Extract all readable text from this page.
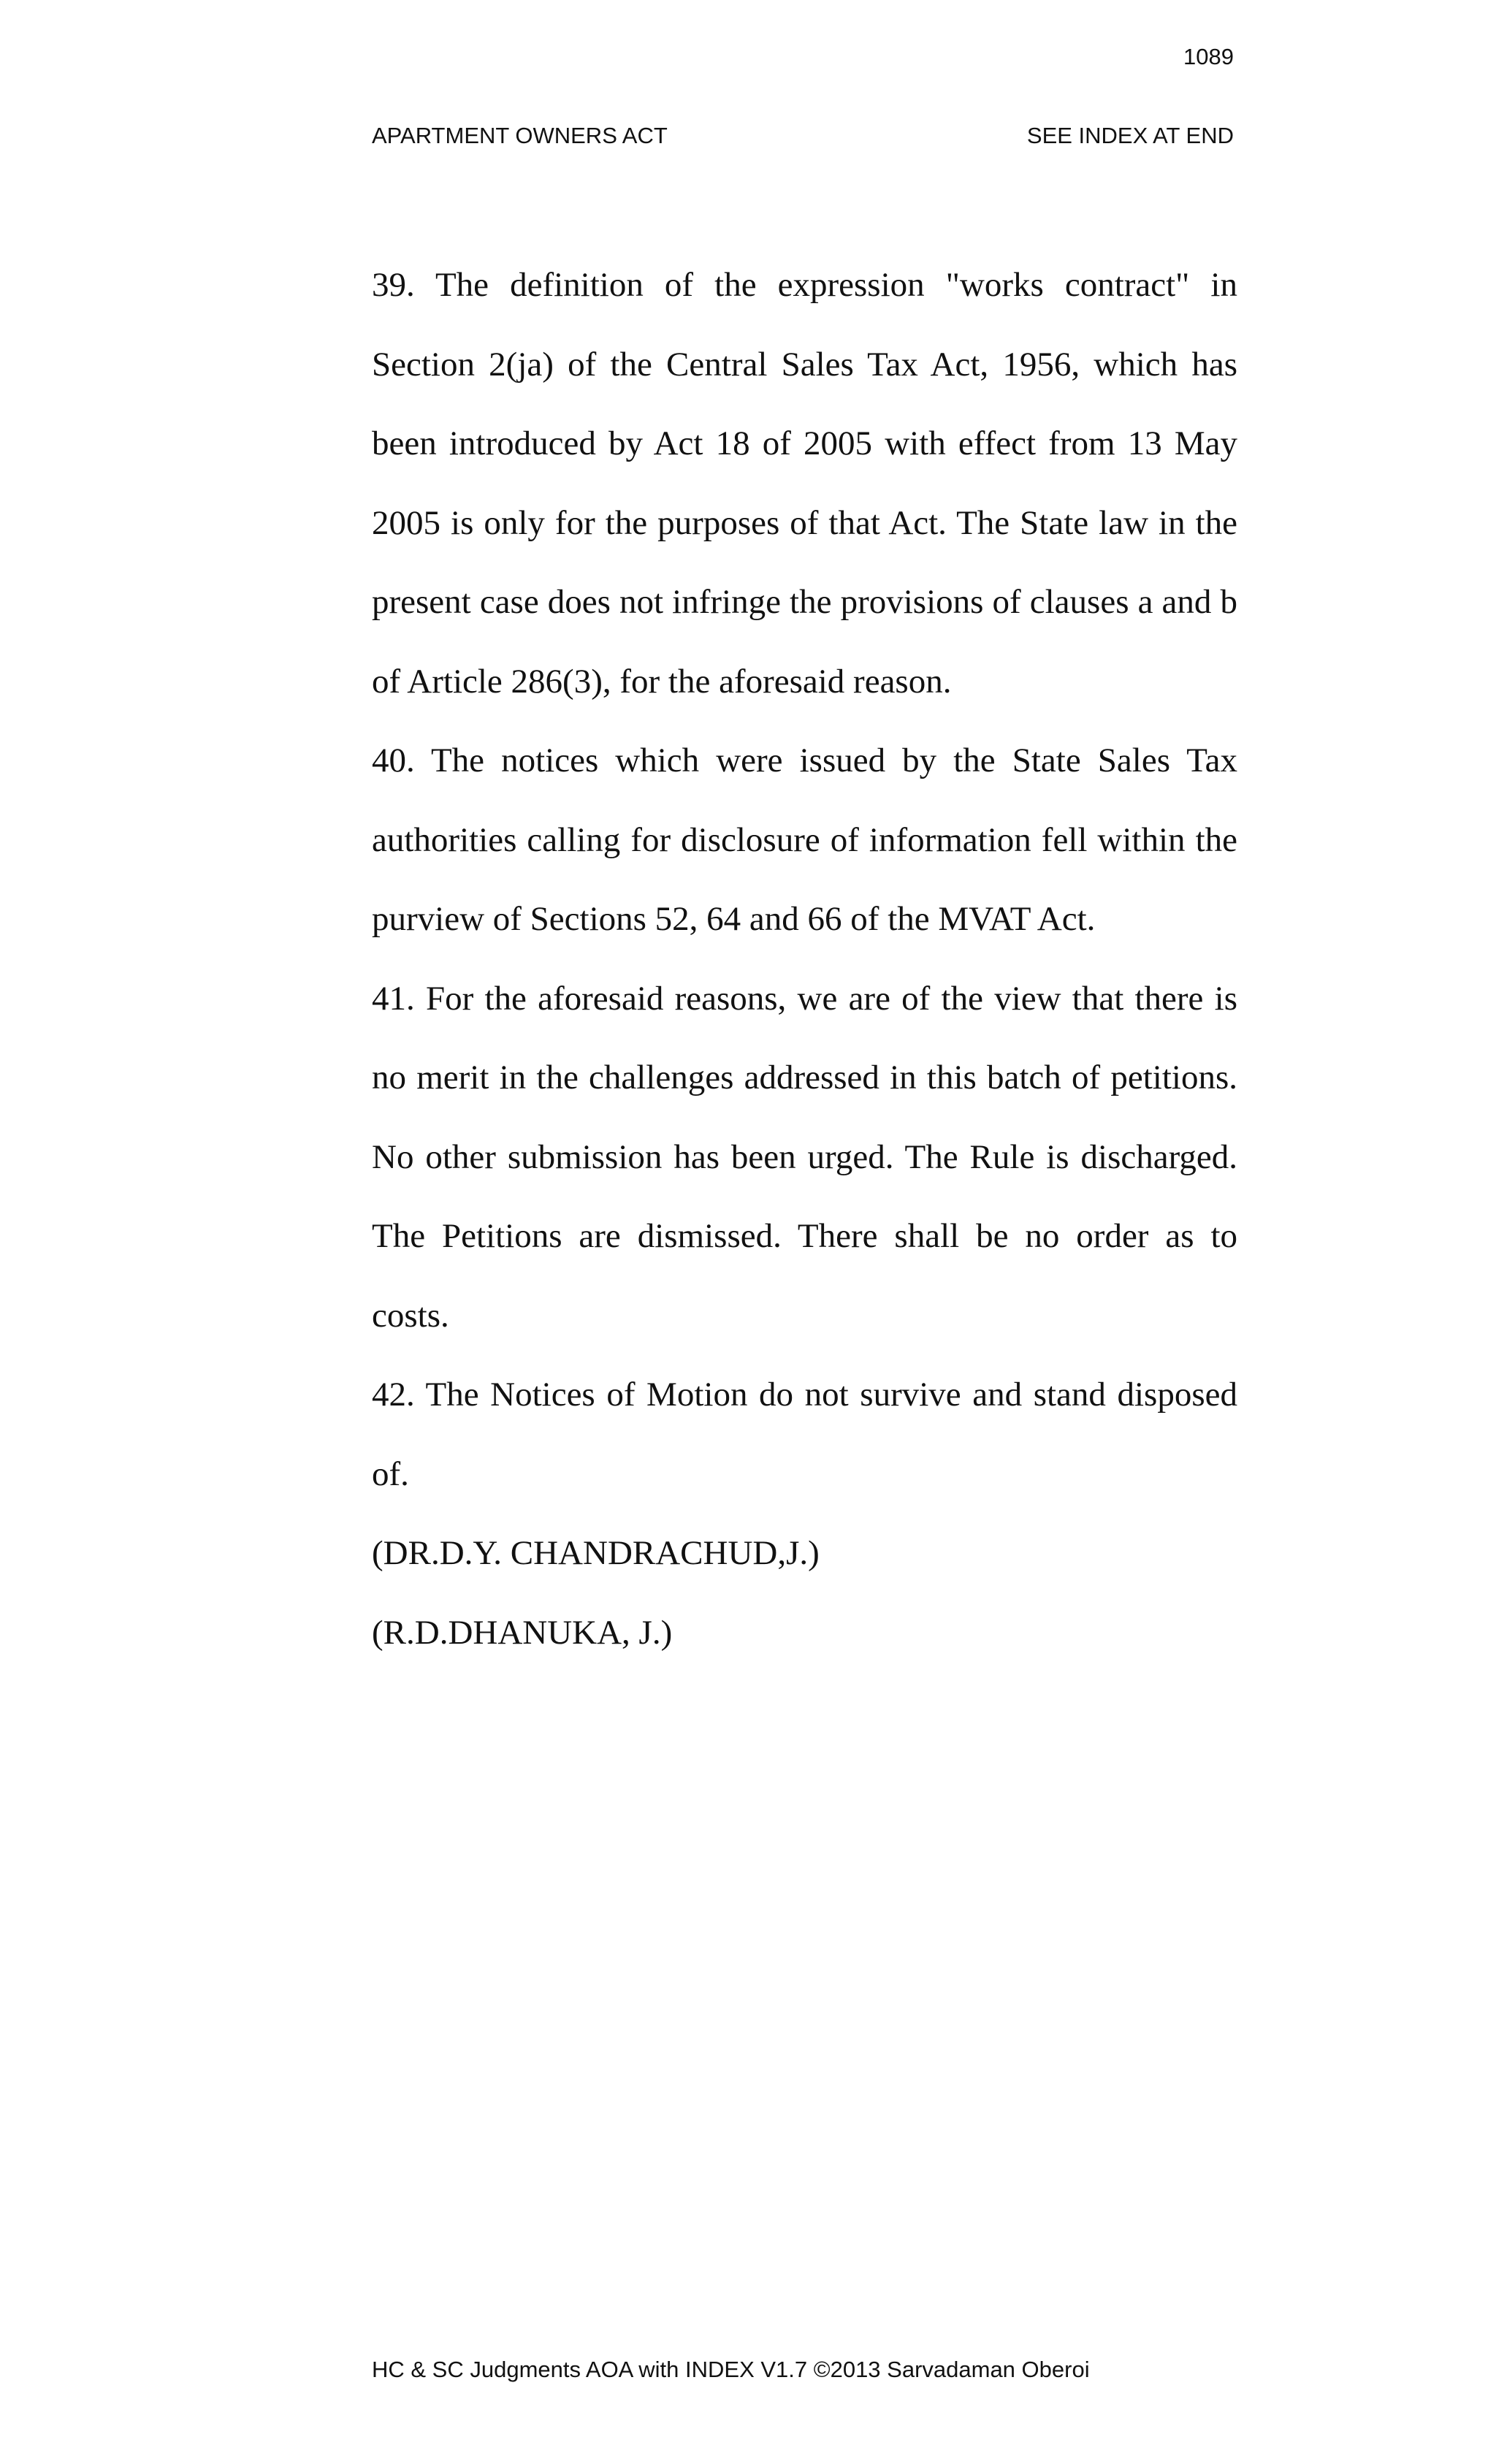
1089
APARTMENT OWNERS ACT	SEE INDEX AT END

39. The definition of the expression "works contract" in Section 2(ja) of the Central Sales Tax Act, 1956, which has been introduced by Act 18 of 2005 with effect from 13 May 2005 is only for the purposes of that Act. The State law in the present case does not infringe the provisions of clauses a and b of Article 286(3), for the aforesaid reason.

40. The notices which were issued by the State Sales Tax authorities calling for disclosure of information fell within the purview of Sections 52, 64 and 66 of the MVAT Act.

41. For the aforesaid reasons, we are of the view that there is no merit in the challenges addressed in this batch of petitions. No other submission has been urged. The Rule is discharged. The Petitions are dismissed. There shall be no order as to costs.

42. The Notices of Motion do not survive and stand disposed of.

(DR.D.Y. CHANDRACHUD,J.)

(R.D.DHANUKA, J.)

HC & SC Judgments AOA with INDEX V1.7 ©2013 Sarvadaman Oberoi
